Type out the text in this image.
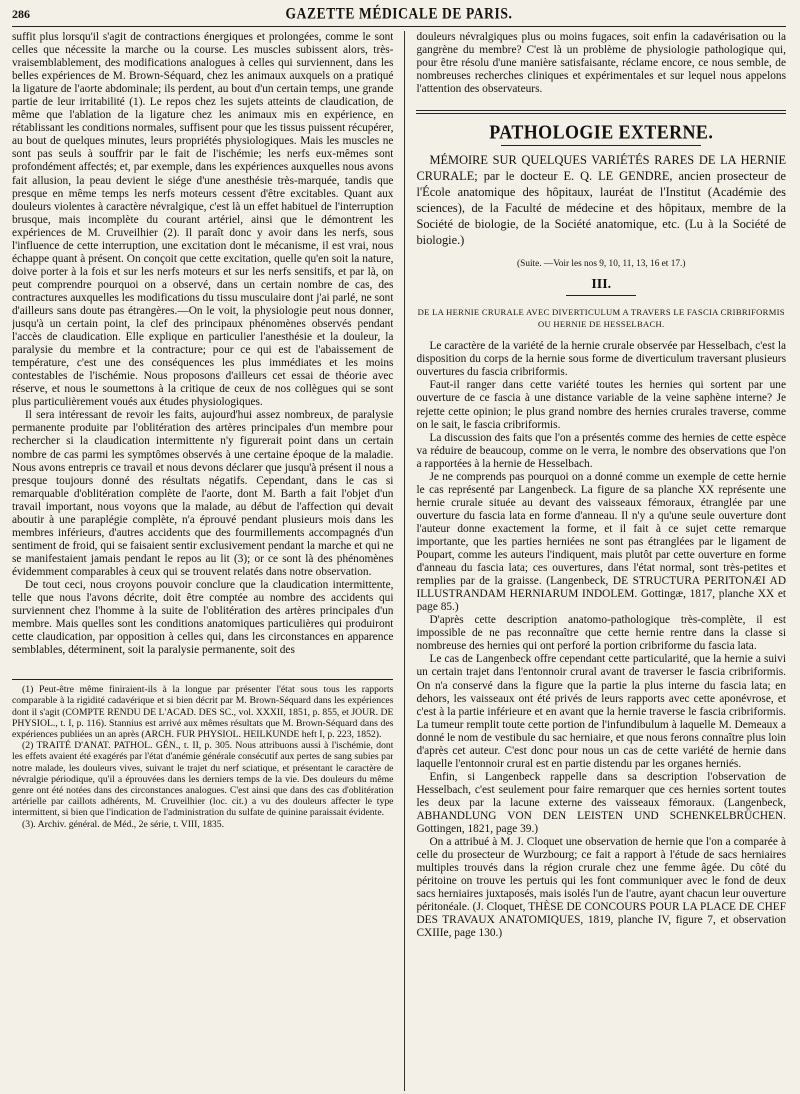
286	GAZETTE MÉDICALE DE PARIS.

suffit plus lorsqu'il s'agit de contractions énergiques et prolongées, comme le sont celles que nécessite la marche ou la course. Les muscles subissent alors, très-vraisemblablement, des modifications analogues à celles qui surviennent, dans les belles expériences de M. Brown-Séquard, chez les animaux auxquels on a pratiqué la ligature de l'aorte abdominale; ils perdent, au bout d'un certain temps, une grande partie de leur irritabilité (1). Le repos chez les sujets atteints de claudication, de même que l'ablation de la ligature chez les animaux mis en expérience, en rétablissant les conditions normales, suffisent pour que les tissus puissent récupérer, au bout de quelques minutes, leurs propriétés physiologiques. Mais les muscles ne sont pas seuls à souffrir par le fait de l'ischémie; les nerfs eux-mêmes sont profondément affectés; et, par exemple, dans les expériences auxquelles nous avons fait allusion, la peau devient le siége d'une anesthésie très-marquée, tandis que presque en même temps les nerfs moteurs cessent d'être excitables. Quant aux douleurs violentes à caractère névralgique, c'est là un effet habituel de l'interruption brusque, mais incomplète du courant artériel, ainsi que le démontrent les expériences de M. Cruveilhier (2). Il paraît donc y avoir dans les nerfs, sous l'influence de cette interruption, une excitation dont le mécanisme, il est vrai, nous échappe quant à présent. On conçoit que cette excitation, quelle qu'en soit la nature, doive porter à la fois et sur les nerfs moteurs et sur les nerfs sensitifs, et par là, on peut comprendre pourquoi on a observé, dans un certain nombre de cas, des contractures auxquelles les modifications du tissu musculaire dont j'ai parlé, ne sont d'ailleurs sans doute pas étrangères.—On le voit, la physiologie peut nous donner, jusqu'à un certain point, la clef des principaux phénomènes observés pendant l'accès de claudication. Elle explique en particulier l'anesthésie et la douleur, la paralysie du membre et la contracture; pour ce qui est de l'abaissement de température, c'est une des conséquences les plus immédiates et les moins contestables de l'ischémie. Nous proposons d'ailleurs cet essai de théorie avec réserve, et nous le soumettons à la critique de ceux de nos collègues qui se sont plus particulièrement voués aux études physiologiques.

Il sera intéressant de revoir les faits, aujourd'hui assez nombreux, de paralysie permanente produite par l'oblitération des artères principales d'un membre pour rechercher si la claudication intermittente n'y figurerait point dans un certain nombre de cas parmi les symptômes observés à une certaine époque de la maladie. Nous avons entrepris ce travail et nous devons déclarer que jusqu'à présent il nous a presque toujours donné des résultats négatifs. Cependant, dans le cas si remarquable d'oblitération complète de l'aorte, dont M. Barth a fait l'objet d'un travail important, nous voyons que la malade, au début de l'affection qui devait aboutir à une paraplégie complète, n'a éprouvé pendant plusieurs mois dans les membres inférieurs, d'autres accidents que des fourmillements accompagnés d'un sentiment de froid, qui se faisaient sentir exclusivement pendant la marche et qui ne se manifestaient jamais pendant le repos au lit (3); or ce sont là des phénomènes évidemment comparables à ceux qui se trouvent relatés dans notre observation.

De tout ceci, nous croyons pouvoir conclure que la claudication intermittente, telle que nous l'avons décrite, doit être comptée au nombre des accidents qui surviennent chez l'homme à la suite de l'oblitération des artères principales d'un membre. Mais quelles sont les conditions anatomiques particulières qui produiront cette claudication, par opposition à celles qui, dans les circonstances en apparence semblables, déterminent, soit la paralysie permanente, soit des

(1) Peut-être même finiraient-ils à la longue par présenter l'état sous tous les rapports comparable à la rigidité cadavérique et si bien décrit par M. Brown-Séquard dans les expériences dont il s'agit (COMPTE RENDU DE L'ACAD. DES SC., vol. XXXII, 1851, p. 855, et JOUR. DE PHYSIOL., t. I, p. 116). Stannius est arrivé aux mêmes résultats que M. Brown-Séquard dans des expériences publiées un an après (ARCH. FUR PHYSIOL. HEILKUNDE heft I, p. 223, 1852).

(2) TRAITÉ D'ANAT. PATHOL. GÉN., t. II, p. 305. Nous attribuons aussi à l'ischémie, dont les effets avaient été exagérés par l'état d'anémie générale consécutif aux pertes de sang subies par notre malade, les douleurs vives, suivant le trajet du nerf sciatique, et présentant le caractère de névralgie périodique, qu'il a éprouvées dans les derniers temps de la vie. Des douleurs du même genre ont été notées dans des circonstances analogues. C'est ainsi que dans des cas d'oblitération artérielle par caillots adhérents, M. Cruveilhier (loc. cit.) a vu des douleurs affecter le type intermittent, si bien que l'indication de l'administration du sulfate de quinine paraissait évidente.

(3). Archiv. général. de Méd., 2e série, t. VIII, 1835.

douleurs névralgiques plus ou moins fugaces, soit enfin la cadavérisation ou la gangrène du membre? C'est là un problème de physiologie pathologique qui, pour être résolu d'une manière satisfaisante, réclame encore, ce nous semble, de nombreuses recherches cliniques et expérimentales et sur lequel nous appelons l'attention des observateurs.

PATHOLOGIE EXTERNE.

MÉMOIRE SUR QUELQUES VARIÉTÉS RARES DE LA HERNIE CRURALE; par le docteur E. Q. LE GENDRE, ancien prosecteur de l'École anatomique des hôpitaux, lauréat de l'Institut (Académie des sciences), de la Faculté de médecine et des hôpitaux, membre de la Société de biologie, de la Société anatomique, etc. (Lu à la Société de biologie.)

(Suite. —Voir les nos 9, 10, 11, 13, 16 et 17.)

III.
DE LA HERNIE CRURALE AVEC DIVERTICULUM A TRAVERS LE FASCIA CRIBRIFORMIS OU HERNIE DE HESSELBACH.

Le caractère de la variété de la hernie crurale observée par Hesselbach, c'est la disposition du corps de la hernie sous forme de diverticulum traversant plusieurs ouvertures du fascia cribriformis.

Faut-il ranger dans cette variété toutes les hernies qui sortent par une ouverture de ce fascia à une distance variable de la veine saphène interne? Je rejette cette opinion; le plus grand nombre des hernies crurales traverse, comme on le sait, le fascia cribriformis.

La discussion des faits que l'on a présentés comme des hernies de cette espèce va réduire de beaucoup, comme on le verra, le nombre des observations que l'on a rapportées à la hernie de Hesselbach.

Je ne comprends pas pourquoi on a donné comme un exemple de cette hernie le cas représenté par Langenbeck. La figure de sa planche XX représente une hernie crurale située au devant des vaisseaux fémoraux, étranglée par une ouverture du fascia lata en forme d'anneau. Il n'y a qu'une seule ouverture dont l'auteur donne exactement la forme, et il fait à ce sujet cette remarque importante, que les parties herniées ne sont pas étranglées par le ligament de Poupart, comme les auteurs l'indiquent, mais plutôt par cette ouverture en forme d'anneau du fascia lata; ces ouvertures, dans l'état normal, sont très-petites et remplies par de la graisse. (Langenbeck, DE STRUCTURA PERITONÆI AD ILLUSTRANDAM HERNIARUM INDOLEM. Gottingæ, 1817, planche XX et page 85.)

D'après cette description anatomo-pathologique très-complète, il est impossible de ne pas reconnaître que cette hernie rentre dans la classe si nombreuse des hernies qui ont perforé la portion cribriforme du fascia lata.

Le cas de Langenbeck offre cependant cette particularité, que la hernie a suivi un certain trajet dans l'entonnoir crural avant de traverser le fascia cribriformis. On n'a conservé dans la figure que la partie la plus interne du fascia lata; en dehors, les vaisseaux ont été privés de leurs rapports avec cette aponévrose, et c'est à la partie inférieure et en avant que la hernie traverse le fascia cribriformis. La tumeur remplit toute cette portion de l'infundibulum à laquelle M. Demeaux a donné le nom de vestibule du sac herniaire, et que nous ferons connaître plus loin d'après cet auteur. C'est donc pour nous un cas de cette variété de hernie dans laquelle l'entonnoir crural est en partie distendu par les organes herniés.

Enfin, si Langenbeck rappelle dans sa description l'observation de Hesselbach, c'est seulement pour faire remarquer que ces hernies sortent toutes les deux par la lacune externe des vaisseaux fémoraux. (Langenbeck, ABHANDLUNG VON DEN LEISTEN UND SCHENKELBRÜCHEN. Gottingen, 1821, page 39.)

On a attribué à M. J. Cloquet une observation de hernie que l'on a comparée à celle du prosecteur de Wurzbourg; ce fait a rapport à l'étude de sacs herniaires multiples trouvés dans la région crurale chez une femme âgée. Du côté du péritoine on trouve les pertuis qui les font communiquer avec le fond de deux sacs herniaires juxtaposés, mais isolés l'un de l'autre, ayant chacun leur ouverture péritonéale. (J. Cloquet, THÈSE DE CONCOURS POUR LA PLACE DE CHEF DES TRAVAUX ANATOMIQUES, 1819, planche IV, figure 7, et observation CXIIIe, page 130.)
